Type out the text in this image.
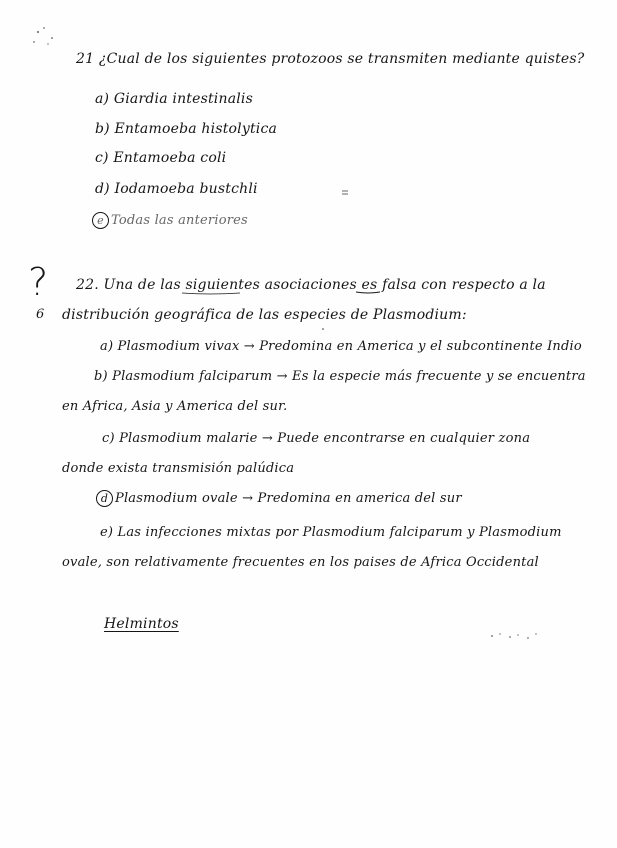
21 ¿Cual de los siguientes protozoos se transmiten mediante quistes?
a) Giardia intestinalis
b) Entamoeba histolytica
c) Entamoeba coli
d) Iodamoeba bustchli
e Todas las anteriores
?
6
22. Una de las siguientes asociaciones es falsa con respecto a la
distribución geográfica de las especies de Plasmodium:
a) Plasmodium vivax → Predomina en America y el subcontinente Indio
b) Plasmodium falciparum → Es la especie más frecuente y se encuentra
en Africa, Asia y America del sur.
c) Plasmodium malarie → Puede encontrarse en cualquier zona
donde exista transmisión palúdica
d Plasmodium ovale → Predomina en america del sur
e) Las infecciones mixtas por Plasmodium falciparum y Plasmodium
ovale, son relativamente frecuentes en los paises de Africa Occidental
Helmintos
